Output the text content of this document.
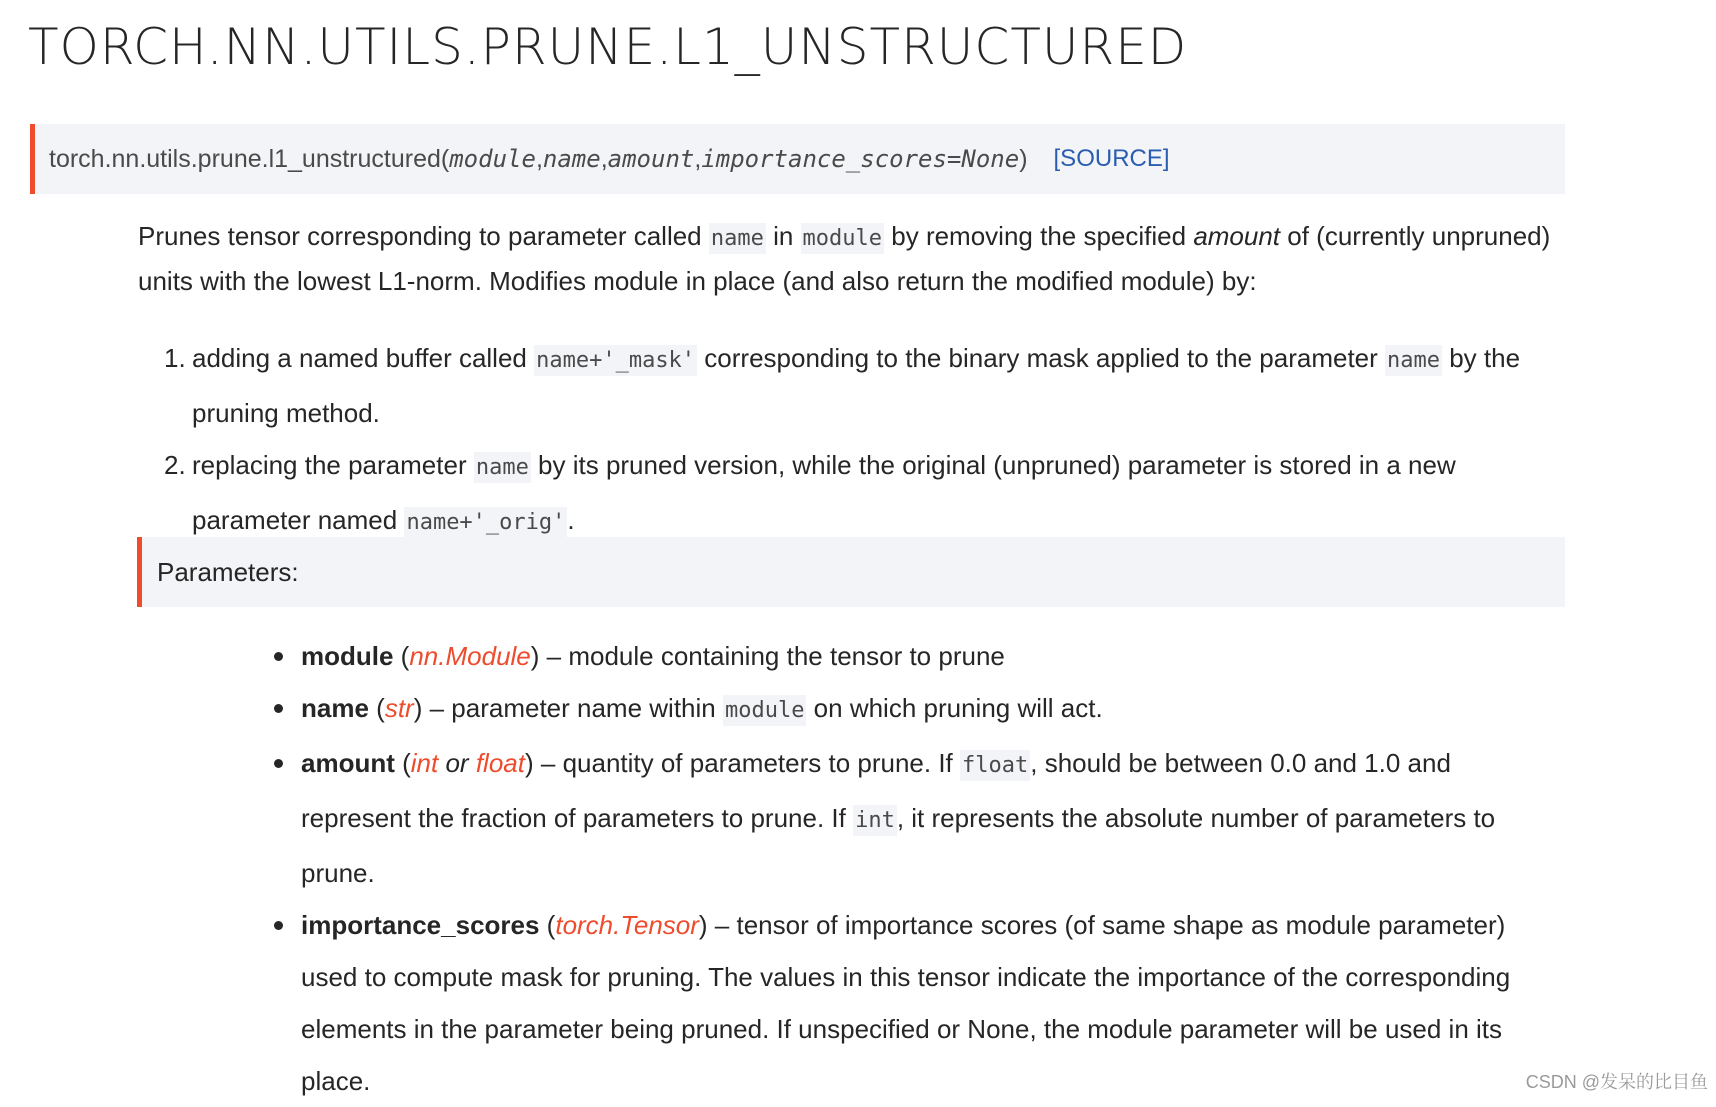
TORCH.NN.UTILS.PRUNE.L1_UNSTRUCTURED
torch.nn.utils.prune.l1_unstructured ( module , name , amount , importance_scores=None ) [SOURCE]

Prunes tensor corresponding to parameter called name in module by removing the specified amount of (currently unpruned) units with the lowest L1-norm. Modifies module in place (and also return the modified module) by:

1. adding a named buffer called name+'_mask' corresponding to the binary mask applied to the parameter name by the pruning method.
2. replacing the parameter name by its pruned version, while the original (unpruned) parameter is stored in a new parameter named name+'_orig'.
Parameters:
module (nn.Module) – module containing the tensor to prune
name (str) – parameter name within module on which pruning will act.
amount (int or float) – quantity of parameters to prune. If float, should be between 0.0 and 1.0 and represent the fraction of parameters to prune. If int, it represents the absolute number of parameters to prune.
importance_scores (torch.Tensor) – tensor of importance scores (of same shape as module parameter) used to compute mask for pruning. The values in this tensor indicate the importance of the corresponding elements in the parameter being pruned. If unspecified or None, the module parameter will be used in its place.	CSDN @发呆的比目鱼
